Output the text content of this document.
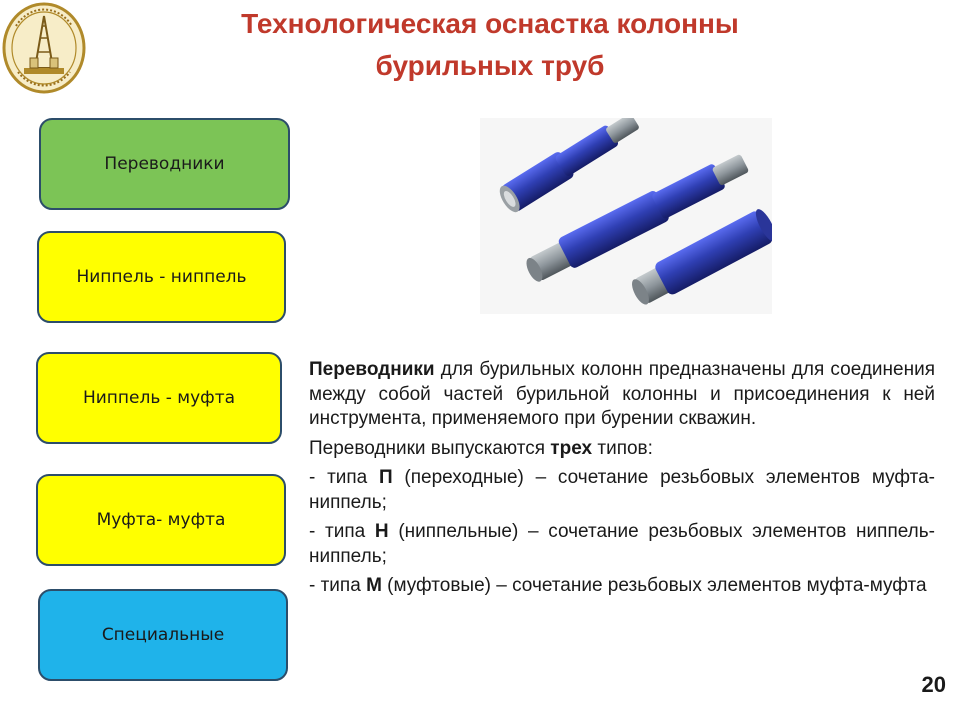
Технологическая оснастка колонны
бурильных труб
Переводники
Ниппель - ниппель
Ниппель - муфта
Муфта- муфта
Специальные

Переводники для бурильных колонн предназначены для соединения между собой частей бурильной колонны и присоединения к ней инструмента, применяемого при бурении скважин.

Переводники выпускаются трех типов:

- типа П (переходные) – сочетание резьбовых элементов муфта-ниппель;

- типа Н (ниппельные) – сочетание резьбовых элементов ниппель-ниппель;

- типа М (муфтовые) – сочетание резьбовых элементов муфта-муфта

20
